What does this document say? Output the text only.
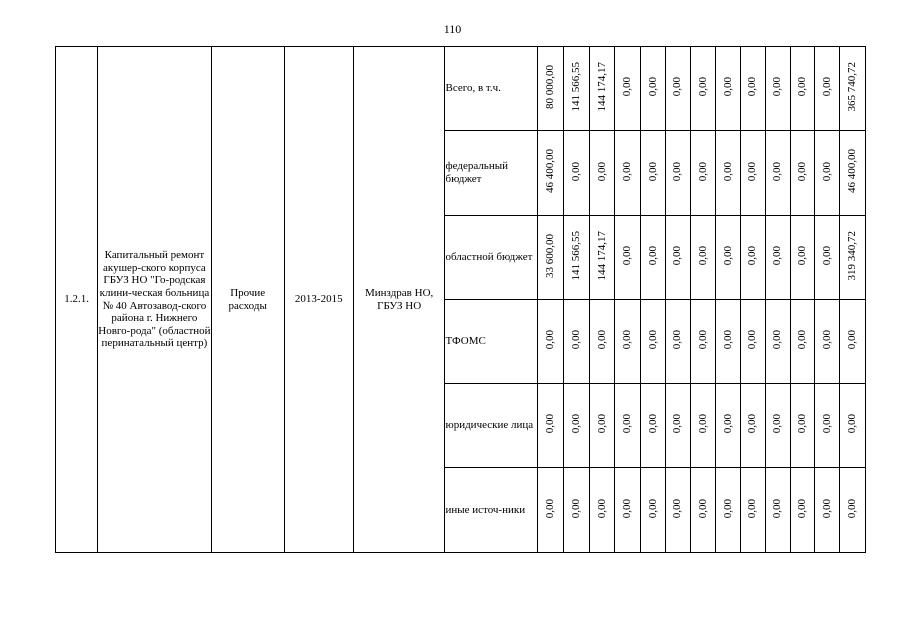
110
1.2.1.	Капитальный ремонт акушер-ского корпуса ГБУЗ НО "Го-родская клини-ческая больница № 40 Автозавод-ского района г. Нижнего Новго-рода" (областной перинатальный центр)	Прочие расходы	2013-2015	Минздрав НО, ГБУЗ НО	Всего, в т.ч.	80 000,00	141 566,55	144 174,17	0,00	0,00	0,00	0,00	0,00	0,00	0,00	0,00	0,00	365 740,72
					федеральный бюджет	46 400,00	0,00	0,00	0,00	0,00	0,00	0,00	0,00	0,00	0,00	0,00	0,00	46 400,00
					областной бюджет	33 600,00	141 566,55	144 174,17	0,00	0,00	0,00	0,00	0,00	0,00	0,00	0,00	0,00	319 340,72
					ТФОМС	0,00	0,00	0,00	0,00	0,00	0,00	0,00	0,00	0,00	0,00	0,00	0,00	0,00
					юридические лица	0,00	0,00	0,00	0,00	0,00	0,00	0,00	0,00	0,00	0,00	0,00	0,00	0,00
					иные источ-ники	0,00	0,00	0,00	0,00	0,00	0,00	0,00	0,00	0,00	0,00	0,00	0,00	0,00
